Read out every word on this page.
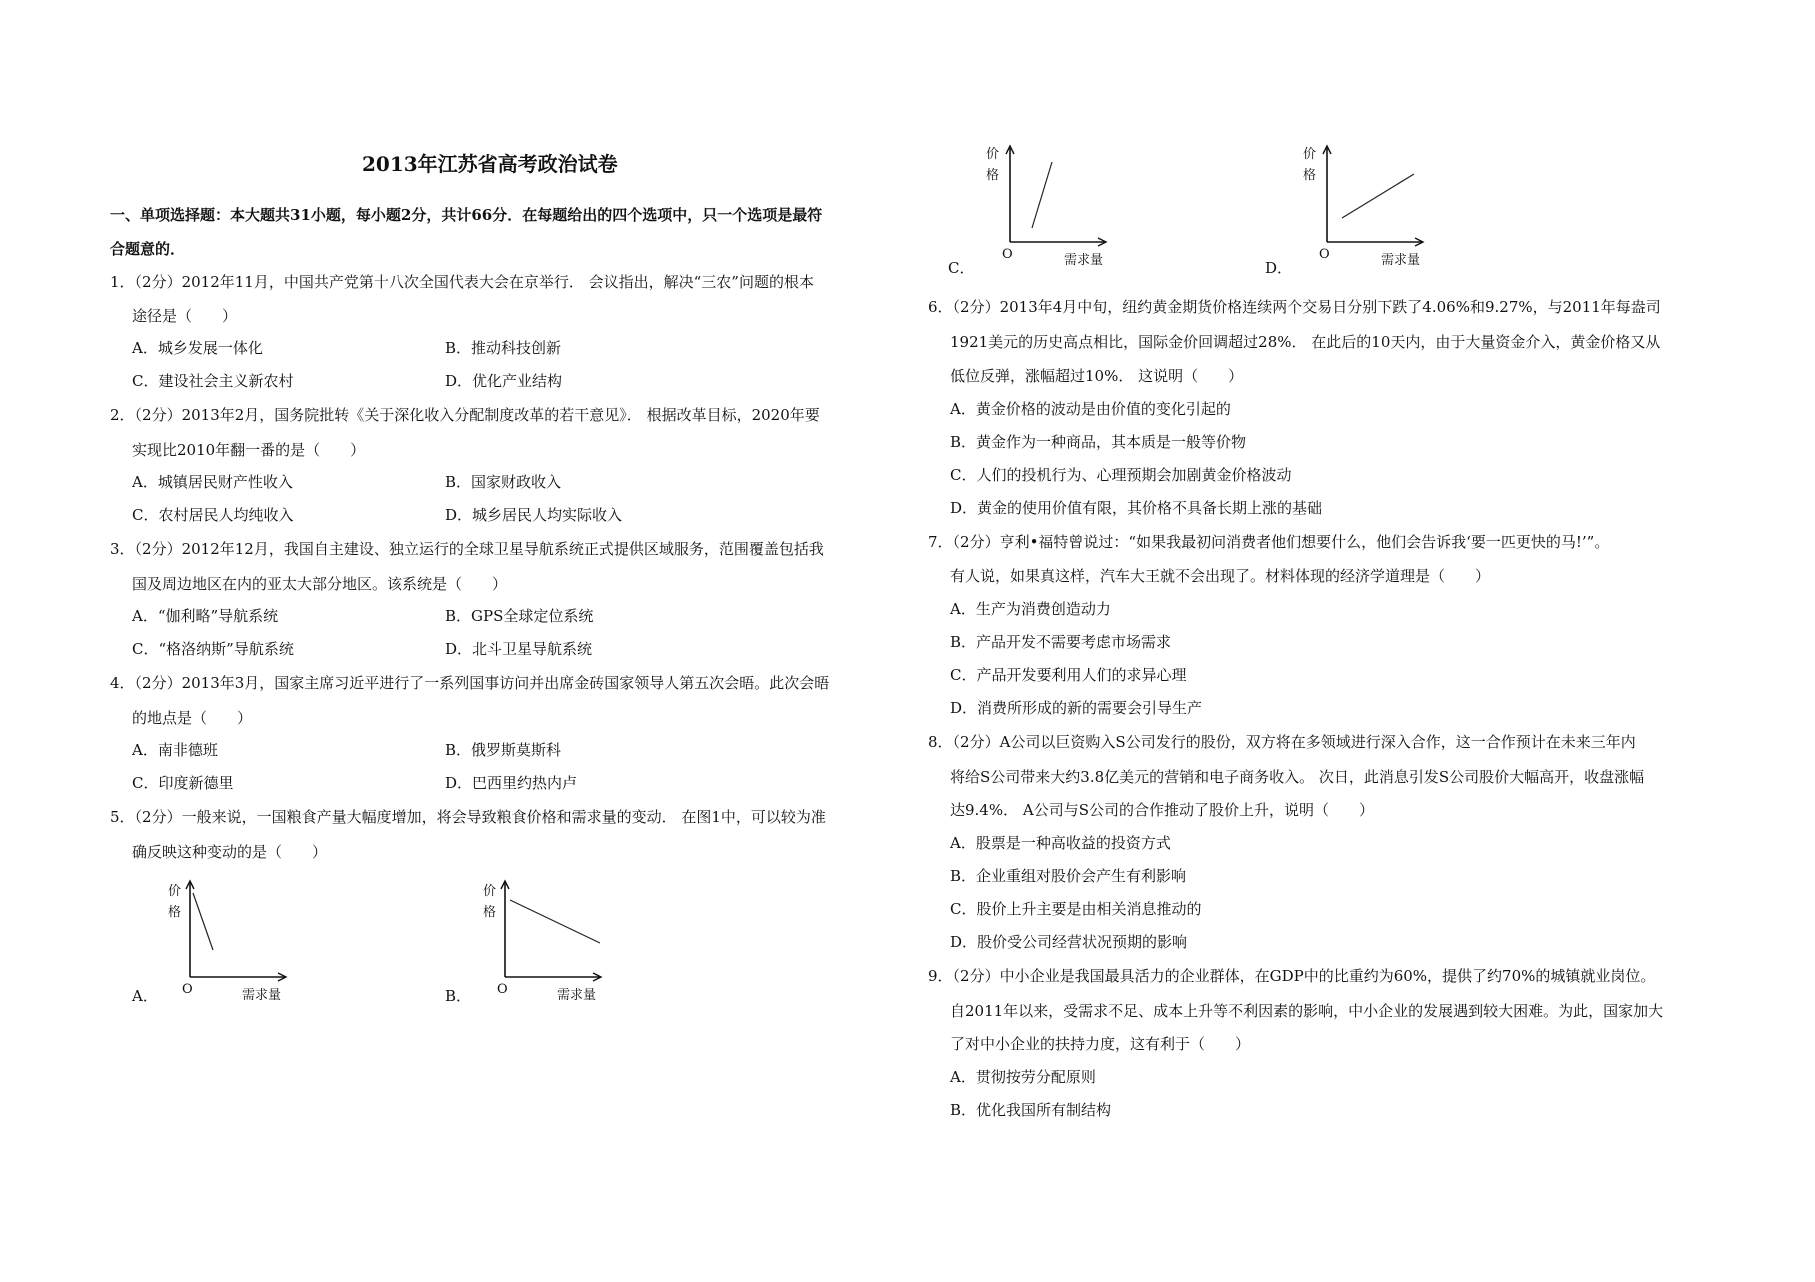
2013年江苏省高考政治试卷
一、单项选择题：本大题共31小题，每小题2分，共计66分．在每题给出的四个选项中，只一个选项是最符
合题意的．
1．（2分）2012年11月，中国共产党第十八次全国代表大会在京举行． 会议指出，解决“三农”问题的根本
途径是（　　）
A．城乡发展一体化	B．推动科技创新
C．建设社会主义新农村	D．优化产业结构
2．（2分）2013年2月，国务院批转《关于深化收入分配制度改革的若干意见》． 根据改革目标，2020年要
实现比2010年翻一番的是（　　）
A．城镇居民财产性收入	B．国家财政收入
C．农村居民人均纯收入	D．城乡居民人均实际收入
3．（2分）2012年12月，我国自主建设、独立运行的全球卫星导航系统正式提供区域服务，范围覆盖包括我
国及周边地区在内的亚太大部分地区。该系统是（　　）
A．“伽利略”导航系统	B．GPS全球定位系统
C．“格洛纳斯”导航系统	D．北斗卫星导航系统
4．（2分）2013年3月，国家主席习近平进行了一系列国事访问并出席金砖国家领导人第五次会晤。此次会晤
的地点是（　　）
A．南非德班	B．俄罗斯莫斯科
C．印度新德里	D．巴西里约热内卢
5．（2分）一般来说，一国粮食产量大幅度增加，将会导致粮食价格和需求量的变动． 在图1中，可以较为准
确反映这种变动的是（　　）
价
格
O	需求量
A．
价
格
O	需求量
B．
价
格
O	需求量
C．
价
格
O	需求量
D．
6．（2分）2013年4月中旬，纽约黄金期货价格连续两个交易日分别下跌了4.06%和9.27%，与2011年每盎司
1921美元的历史高点相比，国际金价回调超过28%． 在此后的10天内，由于大量资金介入，黄金价格又从
低位反弹，涨幅超过10%． 这说明（　　）
A．黄金价格的波动是由价值的变化引起的
B．黄金作为一种商品，其本质是一般等价物
C．人们的投机行为、心理预期会加剧黄金价格波动
D．黄金的使用价值有限，其价格不具备长期上涨的基础
7．（2分）亨利•福特曾说过：“如果我最初问消费者他们想要什么，他们会告诉我‘要一匹更快的马!’”。
有人说，如果真这样，汽车大王就不会出现了。材料体现的经济学道理是（　　）
A．生产为消费创造动力
B．产品开发不需要考虑市场需求
C．产品开发要利用人们的求异心理
D．消费所形成的新的需要会引导生产
8．（2分）A公司以巨资购入S公司发行的股份，双方将在多领域进行深入合作，这一合作预计在未来三年内
将给S公司带来大约3.8亿美元的营销和电子商务收入。 次日，此消息引发S公司股价大幅高开，收盘涨幅
达9.4%． A公司与S公司的合作推动了股价上升，说明（　　）
A．股票是一种高收益的投资方式
B．企业重组对股价会产生有利影响
C．股价上升主要是由相关消息推动的
D．股价受公司经营状况预期的影响
9．（2分）中小企业是我国最具活力的企业群体，在GDP中的比重约为60%，提供了约70%的城镇就业岗位。
自2011年以来，受需求不足、成本上升等不利因素的影响，中小企业的发展遇到较大困难。为此，国家加大
了对中小企业的扶持力度，这有利于（　　）
A．贯彻按劳分配原则
B．优化我国所有制结构
